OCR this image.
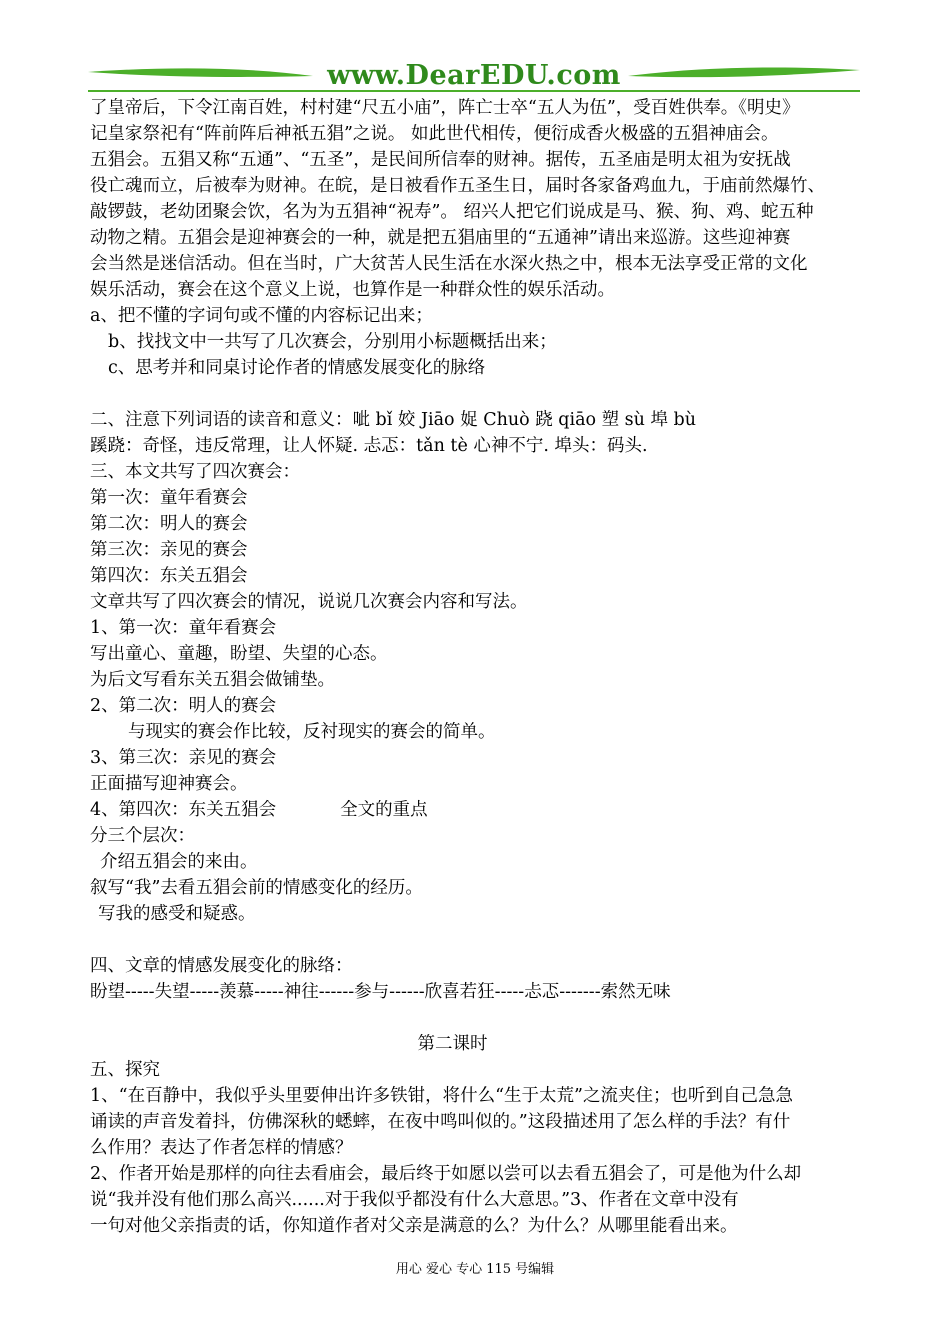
www.DearEDU.com

了皇帝后，下令江南百姓，村村建“尺五小庙”，阵亡士卒“五人为伍”，受百姓供奉。《明史》

记皇家祭祀有“阵前阵后神祇五猖”之说。 如此世代相传，便衍成香火极盛的五猖神庙会。

五猖会。五猖又称“五通”、“五圣”，是民间所信奉的财神。据传，五圣庙是明太祖为安抚战

役亡魂而立，后被奉为财神。在皖，是日被看作五圣生日，届时各家备鸡血九，于庙前然爆竹、

敲锣鼓，老幼团聚会饮，名为为五猖神“祝寿”。 绍兴人把它们说成是马、猴、狗、鸡、蛇五种

动物之精。五猖会是迎神赛会的一种，就是把五猖庙里的“五通神”请出来巡游。这些迎神赛

会当然是迷信活动。但在当时，广大贫苦人民生活在水深火热之中，根本无法享受正常的文化

娱乐活动，赛会在这个意义上说，也算作是一种群众性的娱乐活动。

a、把不懂的字词句或不懂的内容标记出来；

b、找找文中一共写了几次赛会，分别用小标题概括出来；

c、思考并和同桌讨论作者的情感发展变化的脉络

二、注意下列词语的读音和意义：呲 bǐ 姣 Jiāo 娖 Chuò 跷 qiāo 塑 sù 埠 bù

蹊跷：奇怪，违反常理，让人怀疑. 忐忑：tǎn tè 心神不宁. 埠头：码头.

三、本文共写了四次赛会：

第一次：童年看赛会

第二次：明人的赛会

第三次：亲见的赛会

第四次：东关五猖会

文章共写了四次赛会的情况，说说几次赛会内容和写法。

1、第一次：童年看赛会

写出童心、童趣，盼望、失望的心态。

为后文写看东关五猖会做铺垫。

2、第二次：明人的赛会

与现实的赛会作比较，反衬现实的赛会的简单。

3、第三次：亲见的赛会

正面描写迎神赛会。

4、第四次：东关五猖会	全文的重点

分三个层次：

介绍五猖会的来由。

叙写“我”去看五猖会前的情感变化的经历。

写我的感受和疑惑。

四、文章的情感发展变化的脉络：

盼望-----失望-----羡慕-----神往------参与------欣喜若狂-----忐忑-------索然无味

第二课时

五、探究

1、“在百静中，我似乎头里要伸出许多铁钳，将什么“生于太荒”之流夹住；也听到自己急急

诵读的声音发着抖，仿佛深秋的蟋蟀，在夜中鸣叫似的。”这段描述用了怎么样的手法？有什

么作用？表达了作者怎样的情感？

2、作者开始是那样的向往去看庙会，最后终于如愿以尝可以去看五猖会了，可是他为什么却

说“我并没有他们那么高兴......对于我似乎都没有什么大意思。”3、作者在文章中没有

一句对他父亲指责的话，你知道作者对父亲是满意的么？为什么？从哪里能看出来。

用心 爱心 专心 115 号编辑
